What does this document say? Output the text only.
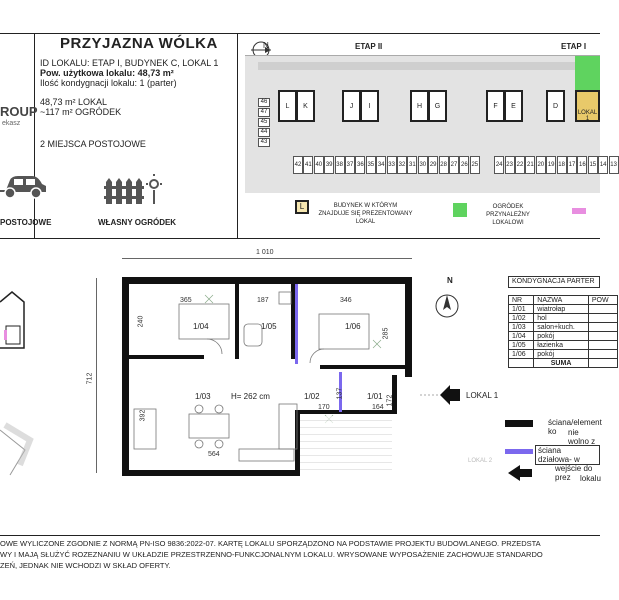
ROUP
ekasz
PRZYJAZNA WÓLKA
ID LOKALU: ETAP I, BUDYNEK C, LOKAL 1
Pow. użytkowa lokalu: 48,73 m²
Ilość kondygnacji lokalu: 1 (parter)
48,73 m² LOKAL
~117 m² OGRÓDEK
2 MIEJSCA POSTOJOWE
POSTOJOWE	WŁASNY OGRÓDEK
N	ETAP II	ETAP I
L	K	J	I	H	G	F	E	D
LOKAL 1
46
47
45
44
43
42 41 40 39 38 37 36 35 34 33 32 31 30 29 28 27 26 25	24 23 22 21 20 19 18 17 16 15 14 13
L	BUDYNEK W KTÓRYM ZNAJDUJE SIĘ PREZENTOWANY LOKAL
OGRÓDEK PRZYNALEŻNY LOKALOWI
1 010
712
365
1/04
187
1/05
346
1/06
1/03
564
1/02
170
1/01
164
H= 262 cm
240
285
392
137
172
LOKAL 2
LOKAL 1
N	KONDYGNACJA PARTER
NR	NAZWA	POW
1/01	wiatrołap	
1/02	hol	
1/03	salon+kuch.	
1/04	pokój	
1/05	łazienka	
1/06	pokój	
	SUMA	
ściana/element ko	nie wolno z
ściana działowa- w
wejście do prez	lokalu
OWE WYLICZONE ZGODNIE Z NORMĄ PN-ISO 9836:2022-07. KARTĘ LOKALU SPORZĄDZONO NA PODSTAWIE PROJEKTU BUDOWLANEGO. PRZEDSTA
WY I MAJĄ SŁUŻYĆ ROZEZNANIU W UKŁADZIE PRZESTRZENNO-FUNKCJONALNYM LOKALU. WRYSOWANE WYPOSAŻENIE ZACHOWUJE STANDARDO
ZEŃ, JEDNAK NIE WCHODZI W SKŁAD OFERTY.
